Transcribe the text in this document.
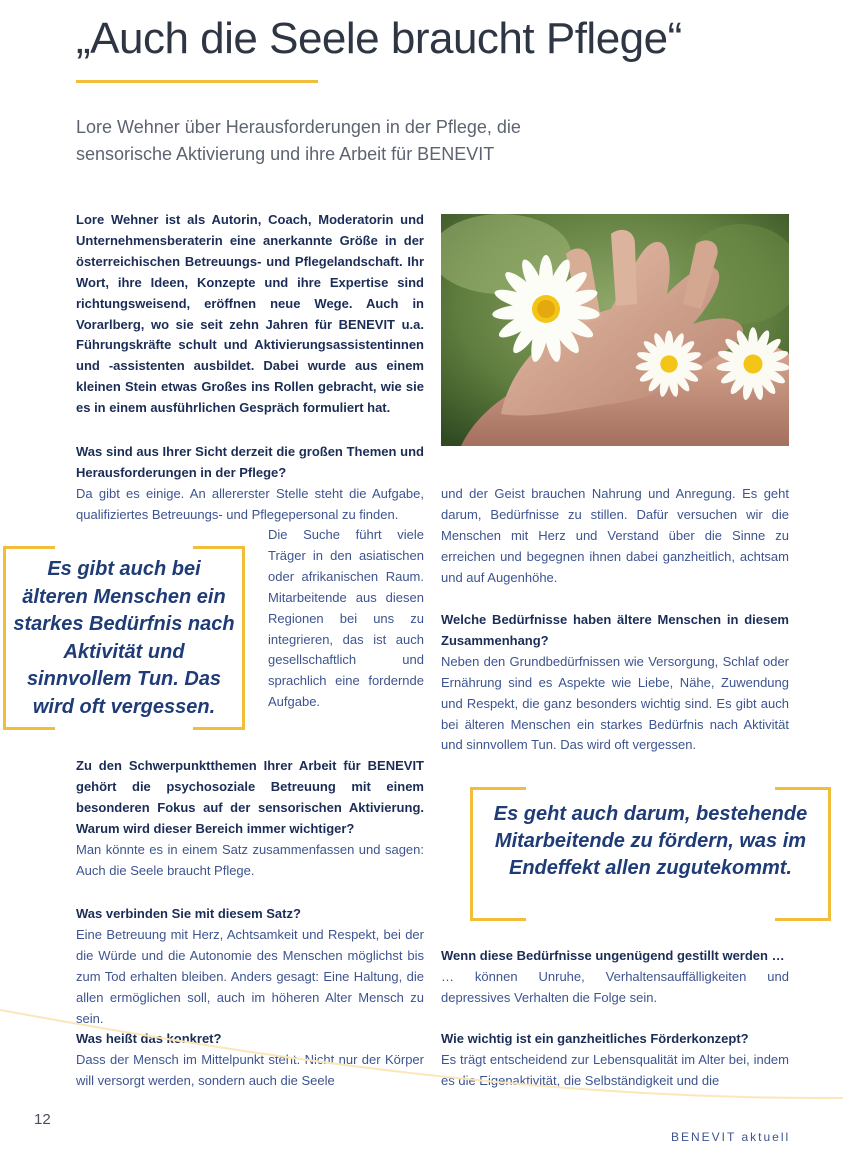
„Auch die Seele braucht Pflege“
Lore Wehner über Herausforderungen in der Pflege, die
sensorische Aktivierung und ihre Arbeit für BENEVIT
Lore Wehner ist als Autorin, Coach, Moderatorin und Unternehmensberaterin eine anerkannte Größe in der österreichischen Betreuungs- und Pflegelandschaft. Ihr Wort, ihre Ideen, Konzepte und ihre Expertise sind richtungsweisend, eröffnen neue Wege. Auch in Vorarlberg, wo sie seit zehn Jahren für BENEVIT u.a. Führungskräfte schult und Aktivierungsassistentinnen und -assistenten ausbildet. Dabei wurde aus einem kleinen Stein etwas Großes ins Rollen gebracht, wie sie es in einem ausführlichen Gespräch formuliert hat.
Was sind aus Ihrer Sicht derzeit die großen Themen und Herausforderungen in der Pflege?
Da gibt es einige. An allererster Stelle steht die Aufgabe, qualifiziertes Betreuungs- und Pflegepersonal zu finden.
Die Suche führt viele Träger in den asiatischen oder afrikanischen Raum. Mitarbeitende aus diesen Regionen bei uns zu integrieren, das ist auch gesellschaftlich und sprachlich eine fordernde Aufgabe.
Es gibt auch bei älteren Menschen ein starkes Bedürfnis nach Aktivität und sinnvollem Tun. Das wird oft vergessen.
Zu den Schwerpunktthemen Ihrer Arbeit für BENEVIT gehört die psychosoziale Betreuung mit einem besonderen Fokus auf der sensorischen Aktivierung. Warum wird dieser Bereich immer wichtiger?
Man könnte es in einem Satz zusammenfassen und sagen: Auch die Seele braucht Pflege.
Was verbinden Sie mit diesem Satz?
Eine Betreuung mit Herz, Achtsamkeit und Respekt, bei der die Würde und die Autonomie des Menschen möglichst bis zum Tod erhalten bleiben. Anders gesagt: Eine Haltung, die allen ermöglichen soll, auch im höheren Alter Mensch zu sein.
Was heißt das konkret?
Dass der Mensch im Mittelpunkt steht. Nicht nur der Körper will versorgt werden, sondern auch die Seele
und der Geist brauchen Nahrung und Anregung. Es geht darum, Bedürfnisse zu stillen. Dafür versuchen wir die Menschen mit Herz und Verstand über die Sinne zu erreichen und begegnen ihnen dabei ganzheitlich, achtsam und auf Augenhöhe.
Welche Bedürfnisse haben ältere Menschen in diesem Zusammenhang?
Neben den Grundbedürfnissen wie Versorgung, Schlaf oder Ernährung sind es Aspekte wie Liebe, Nähe, Zuwendung und Respekt, die ganz besonders wichtig sind. Es gibt auch bei älteren Menschen ein starkes Bedürfnis nach Aktivität und sinnvollem Tun. Das wird oft vergessen.
Es geht auch darum, bestehende Mitarbeitende zu fördern, was im Endeffekt allen zugutekommt.
Wenn diese Bedürfnisse ungenügend gestillt werden …
… können Unruhe, Verhaltensauffälligkeiten und depressives Verhalten die Folge sein.
Wie wichtig ist ein ganzheitliches Förderkonzept?
Es trägt entscheidend zur Lebensqualität im Alter bei, indem es die Eigenaktivität, die Selbständigkeit und die
12
BENEVIT aktuell
